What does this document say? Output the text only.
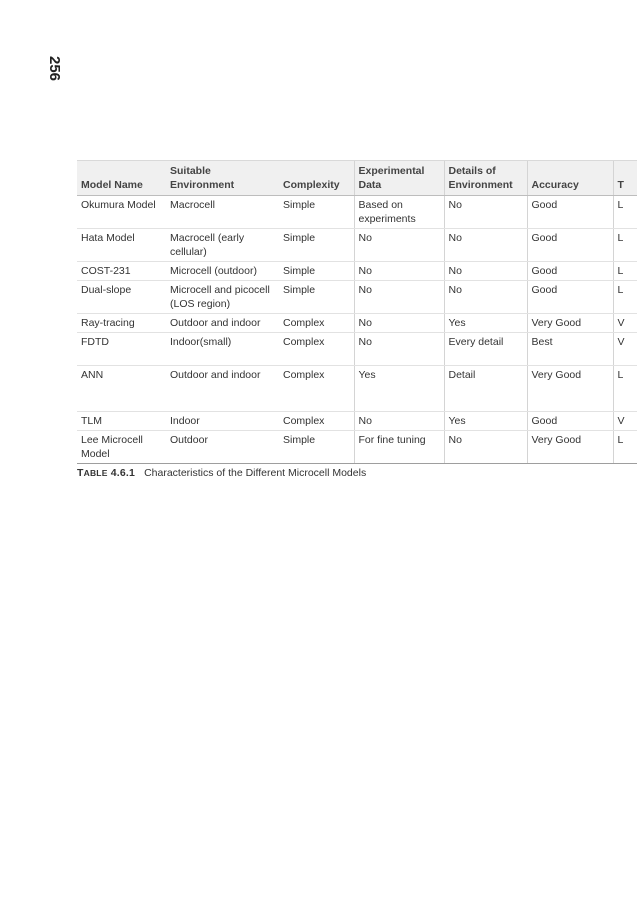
256
Model Name	Suitable Environment	Complexity	Experimental Data	Details of Environment	Accuracy	T
Okumura Model	Macrocell	Simple	Based on experiments	No	Good	L
Hata Model	Macrocell (early cellular)	Simple	No	No	Good	L
COST-231	Microcell (outdoor)	Simple	No	No	Good	L
Dual-slope	Microcell and picocell (LOS region)	Simple	No	No	Good	L
Ray-tracing	Outdoor and indoor	Complex	No	Yes	Very Good	V
FDTD	Indoor(small)	Complex	No	Every detail	Best	V
ANN	Outdoor and indoor	Complex	Yes	Detail	Very Good	L
TLM	Indoor	Complex	No	Yes	Good	V
Lee Microcell Model	Outdoor	Simple	For fine tuning	No	Very Good	L
TABLE 4.6.1 Characteristics of the Different Microcell Models
